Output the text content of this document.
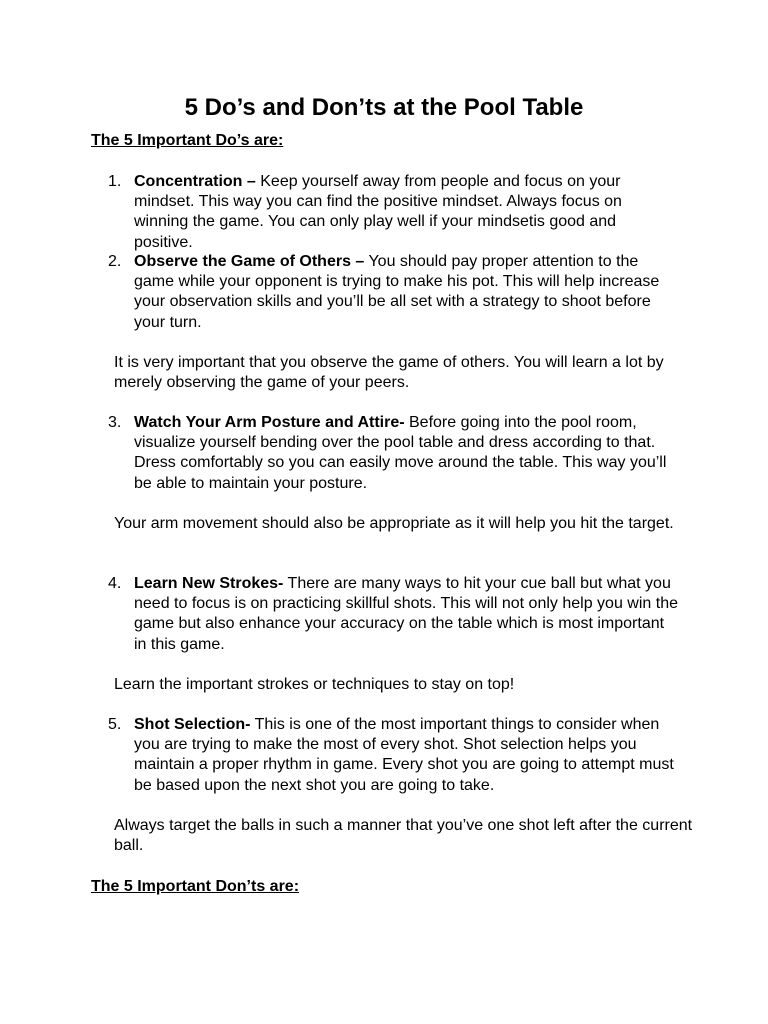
5 Do’s and Don’ts at the Pool Table

The 5 Important Do’s are:

1. Concentration – Keep yourself away from people and focus on your mindset. This way you can find the positive mindset. Always focus on winning the game. You can only play well if your mindsetis good and positive.
2. Observe the Game of Others – You should pay proper attention to the game while your opponent is trying to make his pot. This will help increase your observation skills and you’ll be all set with a strategy to shoot before your turn.

It is very important that you observe the game of others. You will learn a lot by merely observing the game of your peers.

3. Watch Your Arm Posture and Attire- Before going into the pool room, visualize yourself bending over the pool table and dress according to that. Dress comfortably so you can easily move around the table. This way you’ll be able to maintain your posture.

Your arm movement should also be appropriate as it will help you hit the target.

4. Learn New Strokes- There are many ways to hit your cue ball but what you need to focus is on practicing skillful shots. This will not only help you win the game but also enhance your accuracy on the table which is most important in this game.

Learn the important strokes or techniques to stay on top!

5. Shot Selection- This is one of the most important things to consider when you are trying to make the most of every shot. Shot selection helps you maintain a proper rhythm in game. Every shot you are going to attempt must be based upon the next shot you are going to take.

Always target the balls in such a manner that you’ve one shot left after the current ball.

The 5 Important Don’ts are:
